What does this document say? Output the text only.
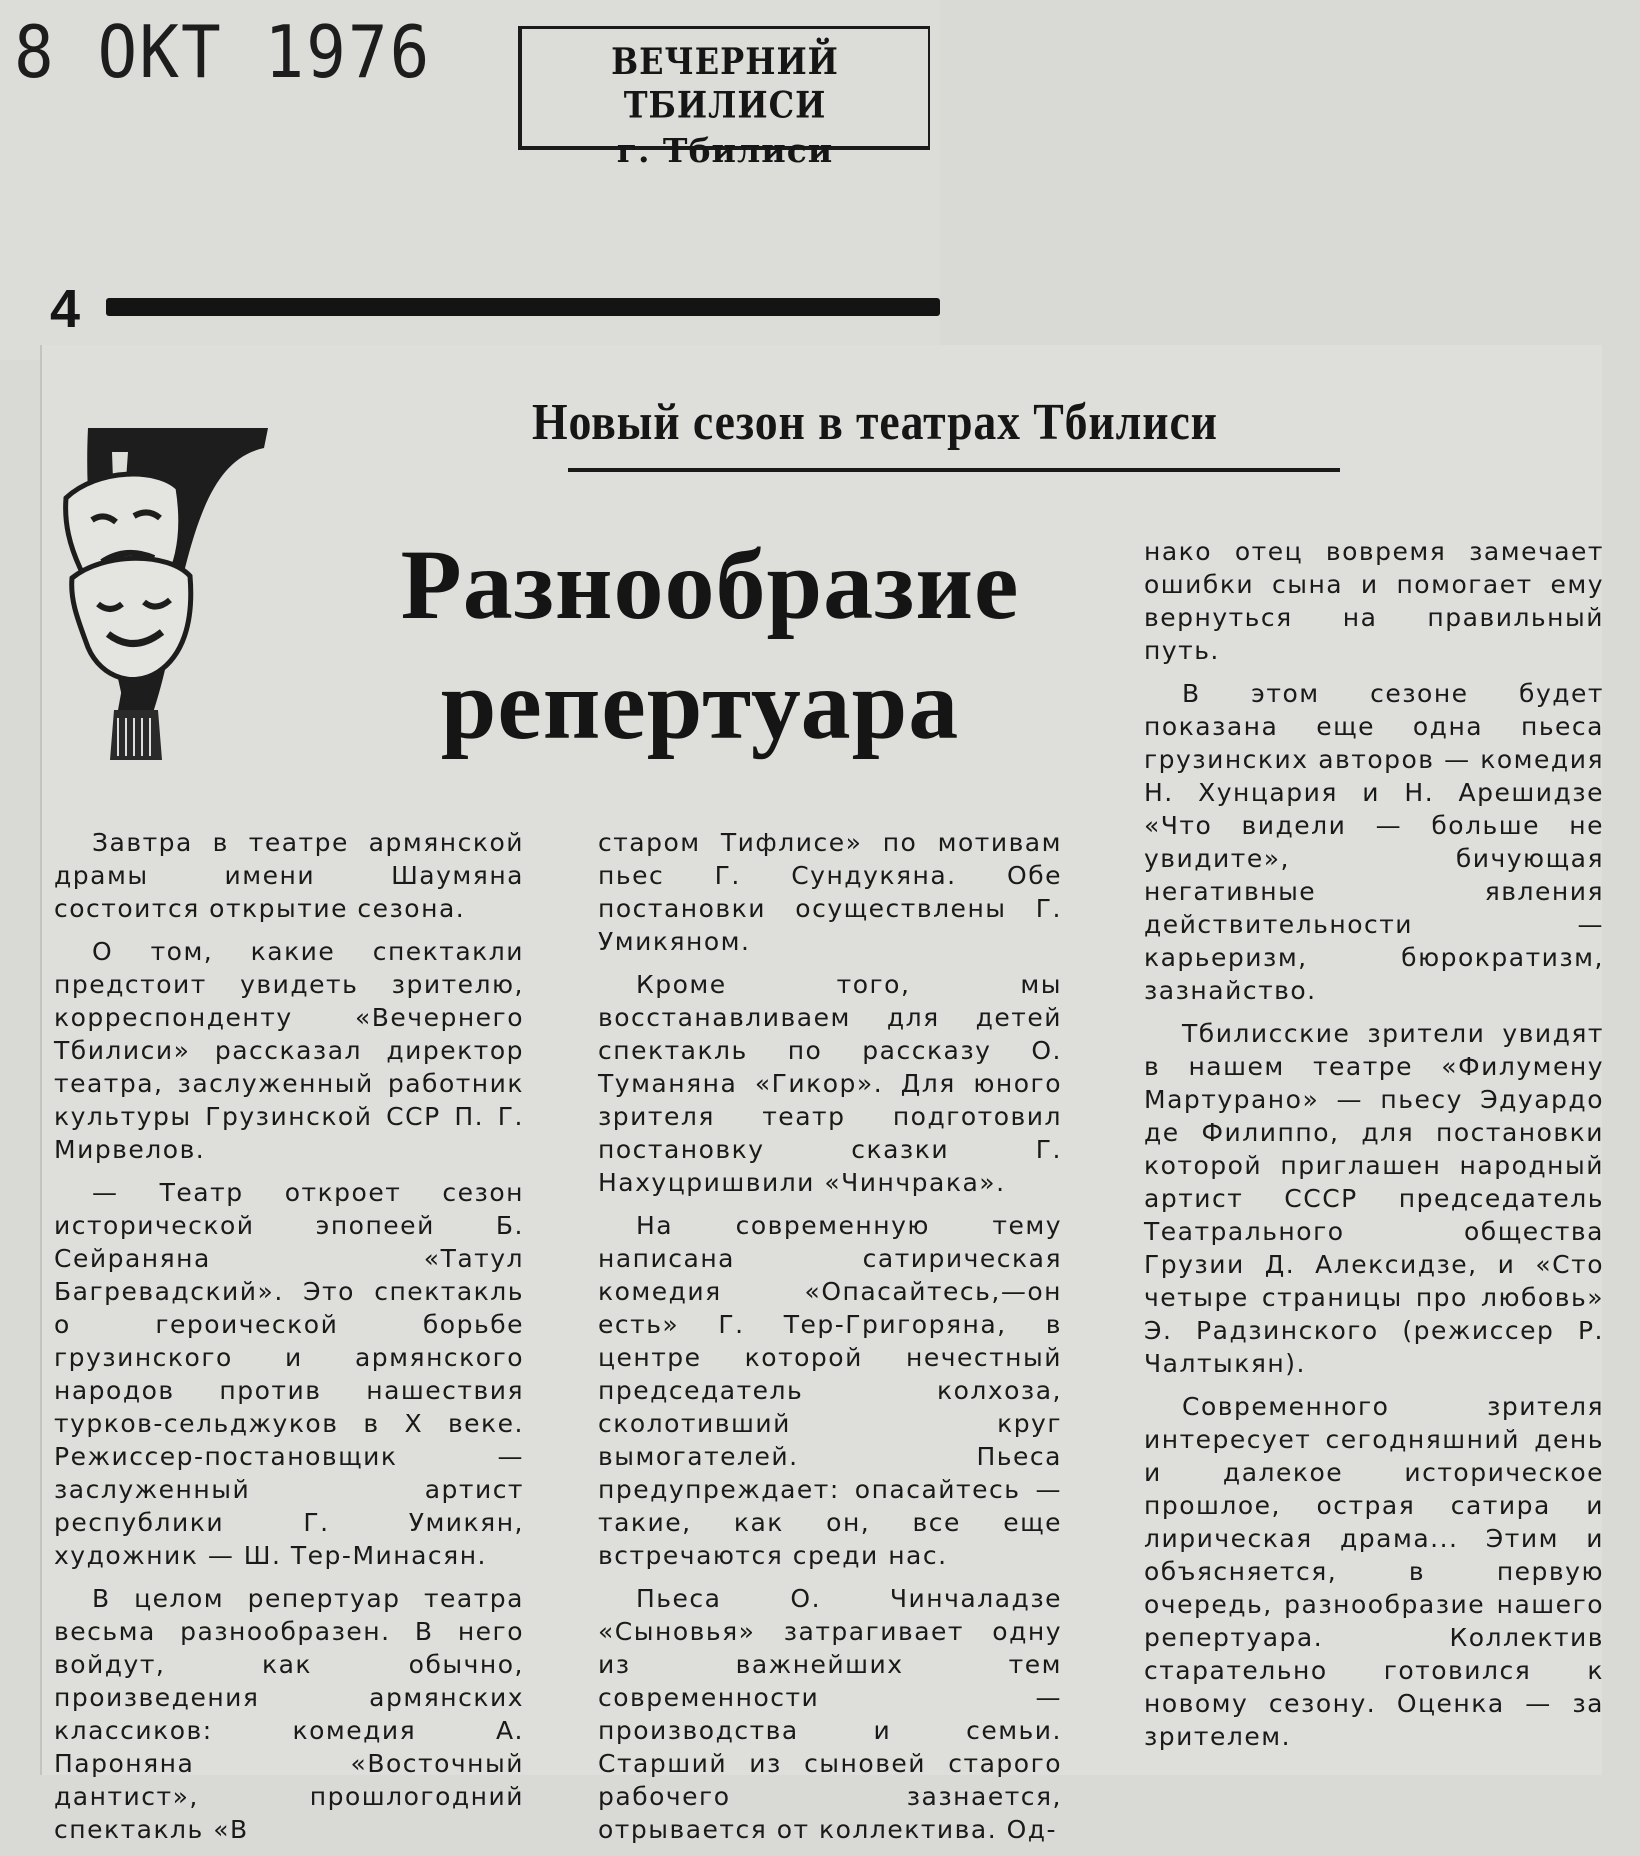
8 ОКТ 1976	ВЕЧЕРНИЙ ТБИЛИСИ
г. Тбилиси
4
Новый сезон в театрах Тбилиси
Разнообразие
репертуара

Завтра в театре армянской драмы имени Шаумяна состоится открытие сезона.

О том, какие спектакли предстоит увидеть зрителю, корреспонденту «Вечернего Тбилиси» рассказал директор театра, заслуженный работник культуры Грузинской ССР П. Г. Мирвелов.

— Театр откроет сезон исторической эпопеей Б. Сейраняна «Татул Багревадский». Это спектакль о героической борьбе грузинского и армянского народов против нашествия турков-сельджуков в X веке. Режиссер-постановщик — заслуженный артист республики Г. Умикян, художник — Ш. Тер-Минасян.

В целом репертуар театра весьма разнообразен. В него войдут, как обычно, произведения армянских классиков: комедия А. Пароняна «Восточный дантист», прошлогодний спектакль «В

старом Тифлисе» по мотивам пьес Г. Сундукяна. Обе постановки осуществлены Г. Умикяном.

Кроме того, мы восстанавливаем для детей спектакль по рассказу О. Туманяна «Гикор». Для юного зрителя театр подготовил постановку сказки Г. Нахуцришвили «Чинчрака».

На современную тему написана сатирическая комедия «Опасайтесь,—он есть» Г. Тер-Григоряна, в центре которой нечестный председатель колхоза, сколотивший круг вымогателей. Пьеса предупреждает: опасайтесь — такие, как он, все еще встречаются среди нас.

Пьеса О. Чинчаладзе «Сыновья» затрагивает одну из важнейших тем современности — производства и семьи. Старший из сыновей старого рабочего зазнается, отрывается от коллектива. Од-

нако отец вовремя замечает ошибки сына и помогает ему вернуться на правильный путь.

В этом сезоне будет показана еще одна пьеса грузинских авторов — комедия Н. Хунцария и Н. Арешидзе «Что видели — больше не увидите», бичующая негативные явления действительности — карьеризм, бюрократизм, зазнайство.

Тбилисские зрители увидят в нашем театре «Филумену Мартурано» — пьесу Эдуардо де Филиппо, для постановки которой приглашен народный артист СССР председатель Театрального общества Грузии Д. Алексидзе, и «Сто четыре страницы про любовь» Э. Радзинского (режиссер Р. Чалтыкян).

Современного зрителя интересует сегодняшний день и далекое историческое прошлое, острая сатира и лирическая драма... Этим и объясняется, в первую очередь, разнообразие нашего репертуара. Коллектив старательно готовился к новому сезону. Оценка — за зрителем.
